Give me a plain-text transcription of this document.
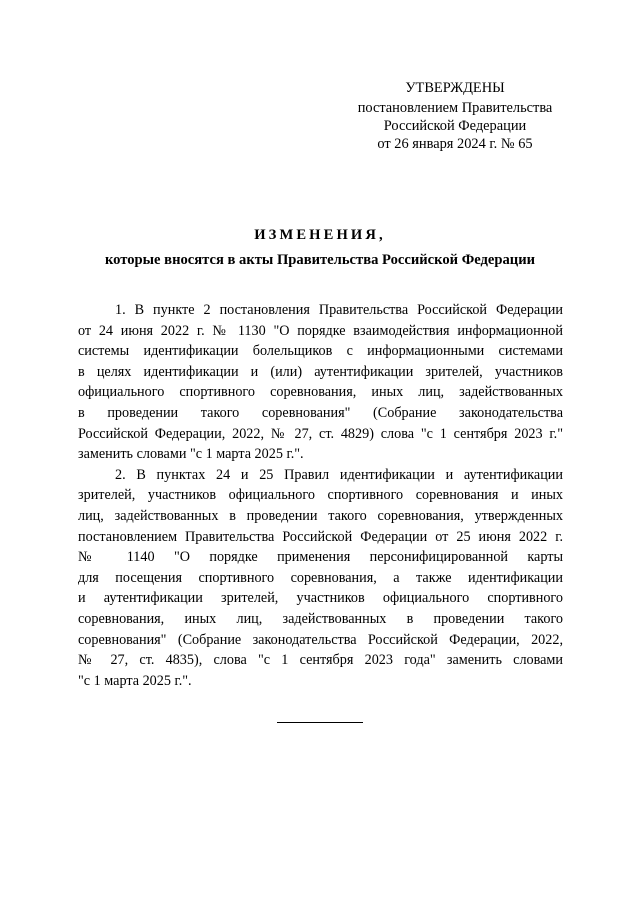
УТВЕРЖДЕНЫ
постановлением Правительства
Российской Федерации
от 26 января 2024 г. № 65
ИЗМЕНЕНИЯ,
которые вносятся в акты Правительства Российской Федерации
1. В пункте 2 постановления Правительства Российской Федерации
от 24 июня 2022 г. № 1130 "О порядке взаимодействия информационной
системы идентификации болельщиков с информационными системами
в целях идентификации и (или) аутентификации зрителей, участников
официального спортивного соревнования, иных лиц, задействованных
в проведении такого соревнования" (Собрание законодательства
Российской Федерации, 2022, № 27, ст. 4829) слова "с 1 сентября 2023 г."
заменить словами "с 1 марта 2025 г.".
2. В пунктах 24 и 25 Правил идентификации и аутентификации
зрителей, участников официального спортивного соревнования и иных
лиц, задействованных в проведении такого соревнования, утвержденных
постановлением Правительства Российской Федерации от 25 июня 2022 г.
№ 1140 "О порядке применения персонифицированной карты
для посещения спортивного соревнования, а также идентификации
и аутентификации зрителей, участников официального спортивного
соревнования, иных лиц, задействованных в проведении такого
соревнования" (Собрание законодательства Российской Федерации, 2022,
№ 27, ст. 4835), слова "с 1 сентября 2023 года" заменить словами
"с 1 марта 2025 г.".
